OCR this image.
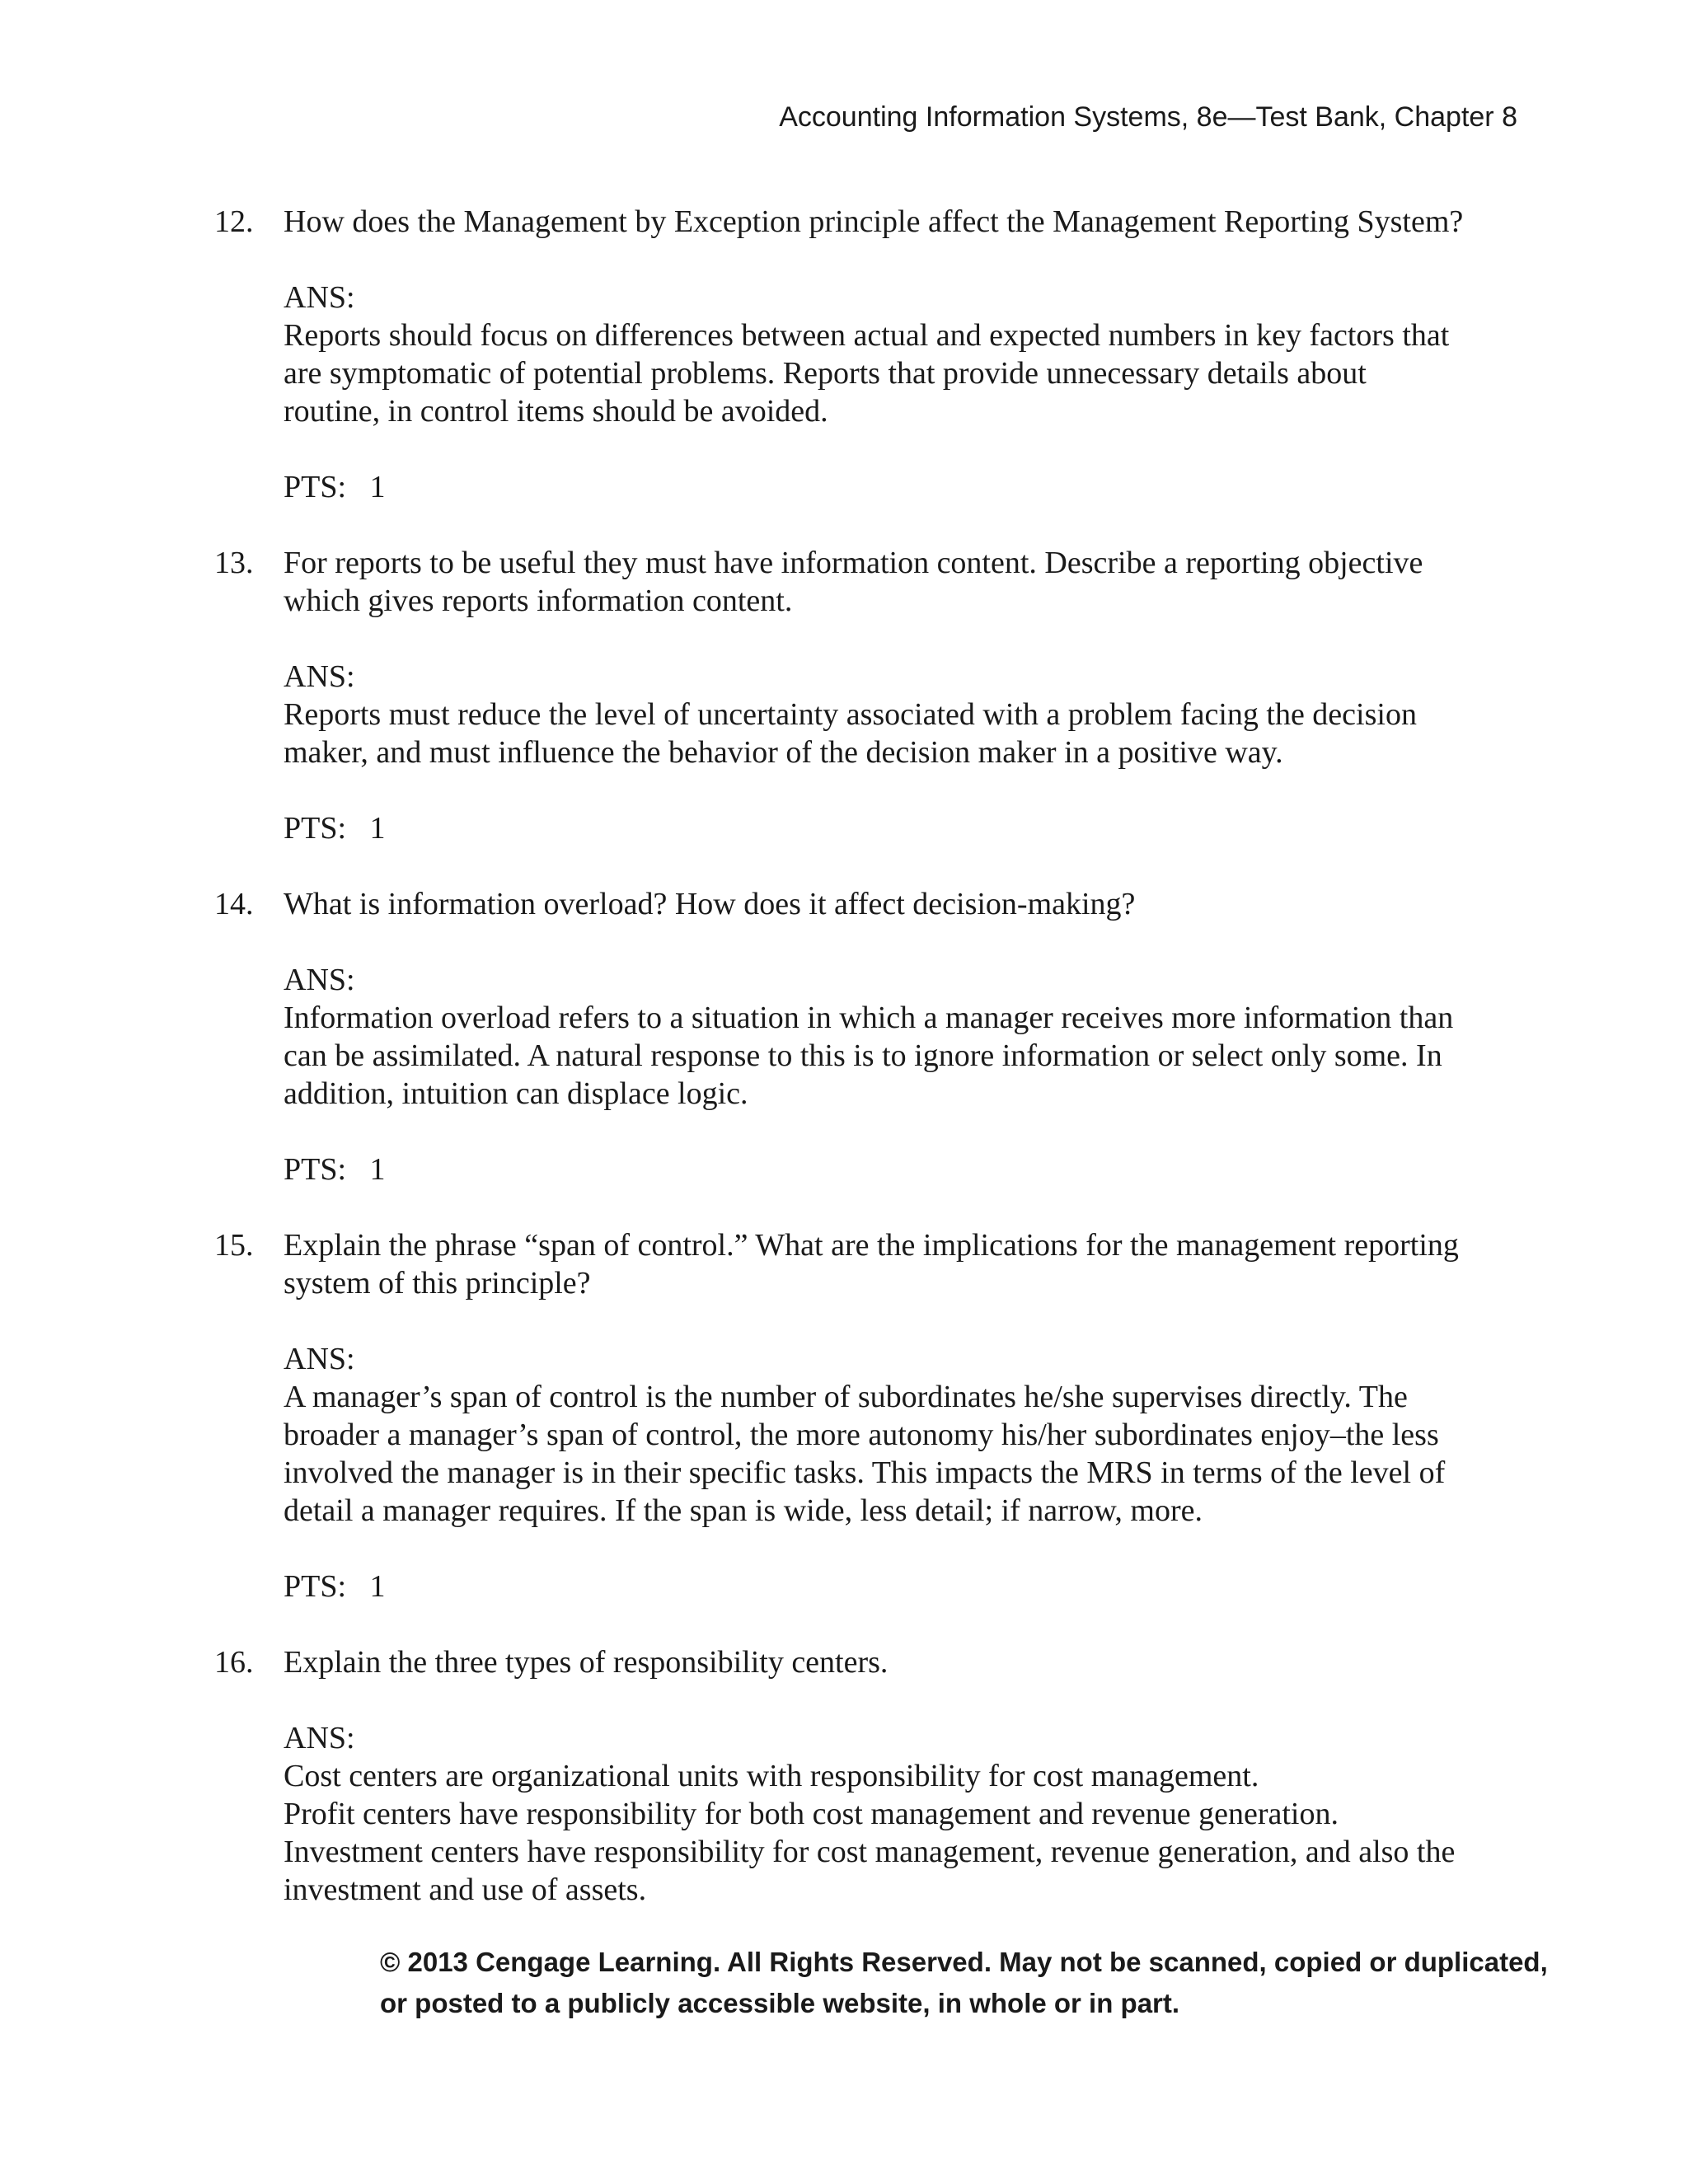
Accounting Information Systems, 8e—Test Bank, Chapter 8
12. How does the Management by Exception principle affect the Management Reporting System?
ANS:
Reports should focus on differences between actual and expected numbers in key factors that
are symptomatic of potential problems. Reports that provide unnecessary details about
routine, in control items should be avoided.
PTS:   1
13. For reports to be useful they must have information content. Describe a reporting objective
which gives reports information content.
ANS:
Reports must reduce the level of uncertainty associated with a problem facing the decision
maker, and must influence the behavior of the decision maker in a positive way.
PTS:   1
14. What is information overload? How does it affect decision-making?
ANS:
Information overload refers to a situation in which a manager receives more information than
can be assimilated. A natural response to this is to ignore information or select only some. In
addition, intuition can displace logic.
PTS:   1
15. Explain the phrase “span of control.” What are the implications for the management reporting
system of this principle?
ANS:
A manager’s span of control is the number of subordinates he/she supervises directly. The
broader a manager’s span of control, the more autonomy his/her subordinates enjoy–the less
involved the manager is in their specific tasks. This impacts the MRS in terms of the level of
detail a manager requires. If the span is wide, less detail; if narrow, more.
PTS:   1
16. Explain the three types of responsibility centers.
ANS:
Cost centers are organizational units with responsibility for cost management.
Profit centers have responsibility for both cost management and revenue generation.
Investment centers have responsibility for cost management, revenue generation, and also the
investment and use of assets.
© 2013 Cengage Learning. All Rights Reserved. May not be scanned, copied or duplicated,
or posted to a publicly accessible website, in whole or in part.
